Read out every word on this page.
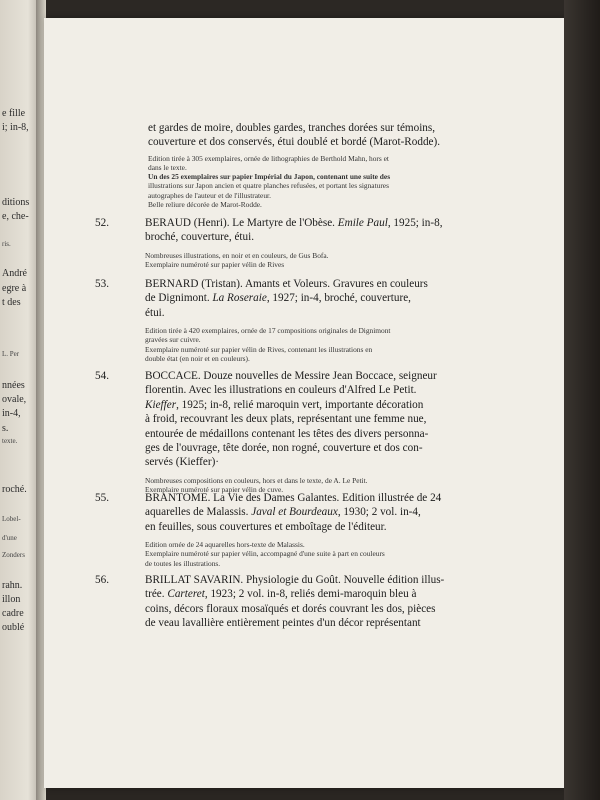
e fille
i; in-8,
ditions
e, che-
ris.
André
egre à
t des
L. Per
nnées
ovale,
in-4,
s.
texte.
roché.
Lobel-
d'une
Zonders
rahn.
illon
cadre
oublé
et gardes de moire, doubles gardes, tranches dorées sur témoins,
couverture et dos conservés, étui doublé et bordé (Marot-Rodde).
Edition tirée à 305 exemplaires, ornée de lithographies de Berthold Mahn, hors et
dans le texte.
Un des 25 exemplaires sur papier Impérial du Japon, contenant une suite des
illustrations sur Japon ancien et quatre planches refusées, et portant les signatures
autographes de l'auteur et de l'illustrateur.
Belle reliure décorée de Marot-Rodde.
52.	BERAUD (Henri). Le Martyre de l'Obèse. Emile Paul, 1925; in-8,
broché, couverture, étui.
Nombreuses illustrations, en noir et en couleurs, de Gus Bofa.
Exemplaire numéroté sur papier vélin de Rives
53.	BERNARD (Tristan). Amants et Voleurs. Gravures en couleurs
de Dignimont. La Roseraie, 1927; in-4, broché, couverture,
étui.
Edition tirée à 420 exemplaires, ornée de 17 compositions originales de Dignimont
gravées sur cuivre.
Exemplaire numéroté sur papier vélin de Rives, contenant les illustrations en
double état (en noir et en couleurs).
54.	BOCCACE. Douze nouvelles de Messire Jean Boccace, seigneur
florentin. Avec les illustrations en couleurs d'Alfred Le Petit.
Kieffer, 1925; in-8, relié maroquin vert, importante décoration
à froid, recouvrant les deux plats, représentant une femme nue,
entourée de médaillons contenant les têtes des divers personna-
ges de l'ouvrage, tête dorée, non rogné, couverture et dos con-
servés (Kieffer)·
Nombreuses compositions en couleurs, hors et dans le texte, de A. Le Petit.
Exemplaire numéroté sur papier vélin de cuve.
55.	BRANTOME. La Vie des Dames Galantes. Edition illustrée de 24
aquarelles de Malassis. Javal et Bourdeaux, 1930; 2 vol. in-4,
en feuilles, sous couvertures et emboîtage de l'éditeur.
Edition ornée de 24 aquarelles hors-texte de Malassis.
Exemplaire numéroté sur papier vélin, accompagné d'une suite à part en couleurs
de toutes les illustrations.
56.	BRILLAT SAVARIN. Physiologie du Goût. Nouvelle édition illus-
trée. Carteret, 1923; 2 vol. in-8, reliés demi-maroquin bleu à
coins, décors floraux mosaïqués et dorés couvrant les dos, pièces
de veau lavallière entièrement peintes d'un décor représentant
